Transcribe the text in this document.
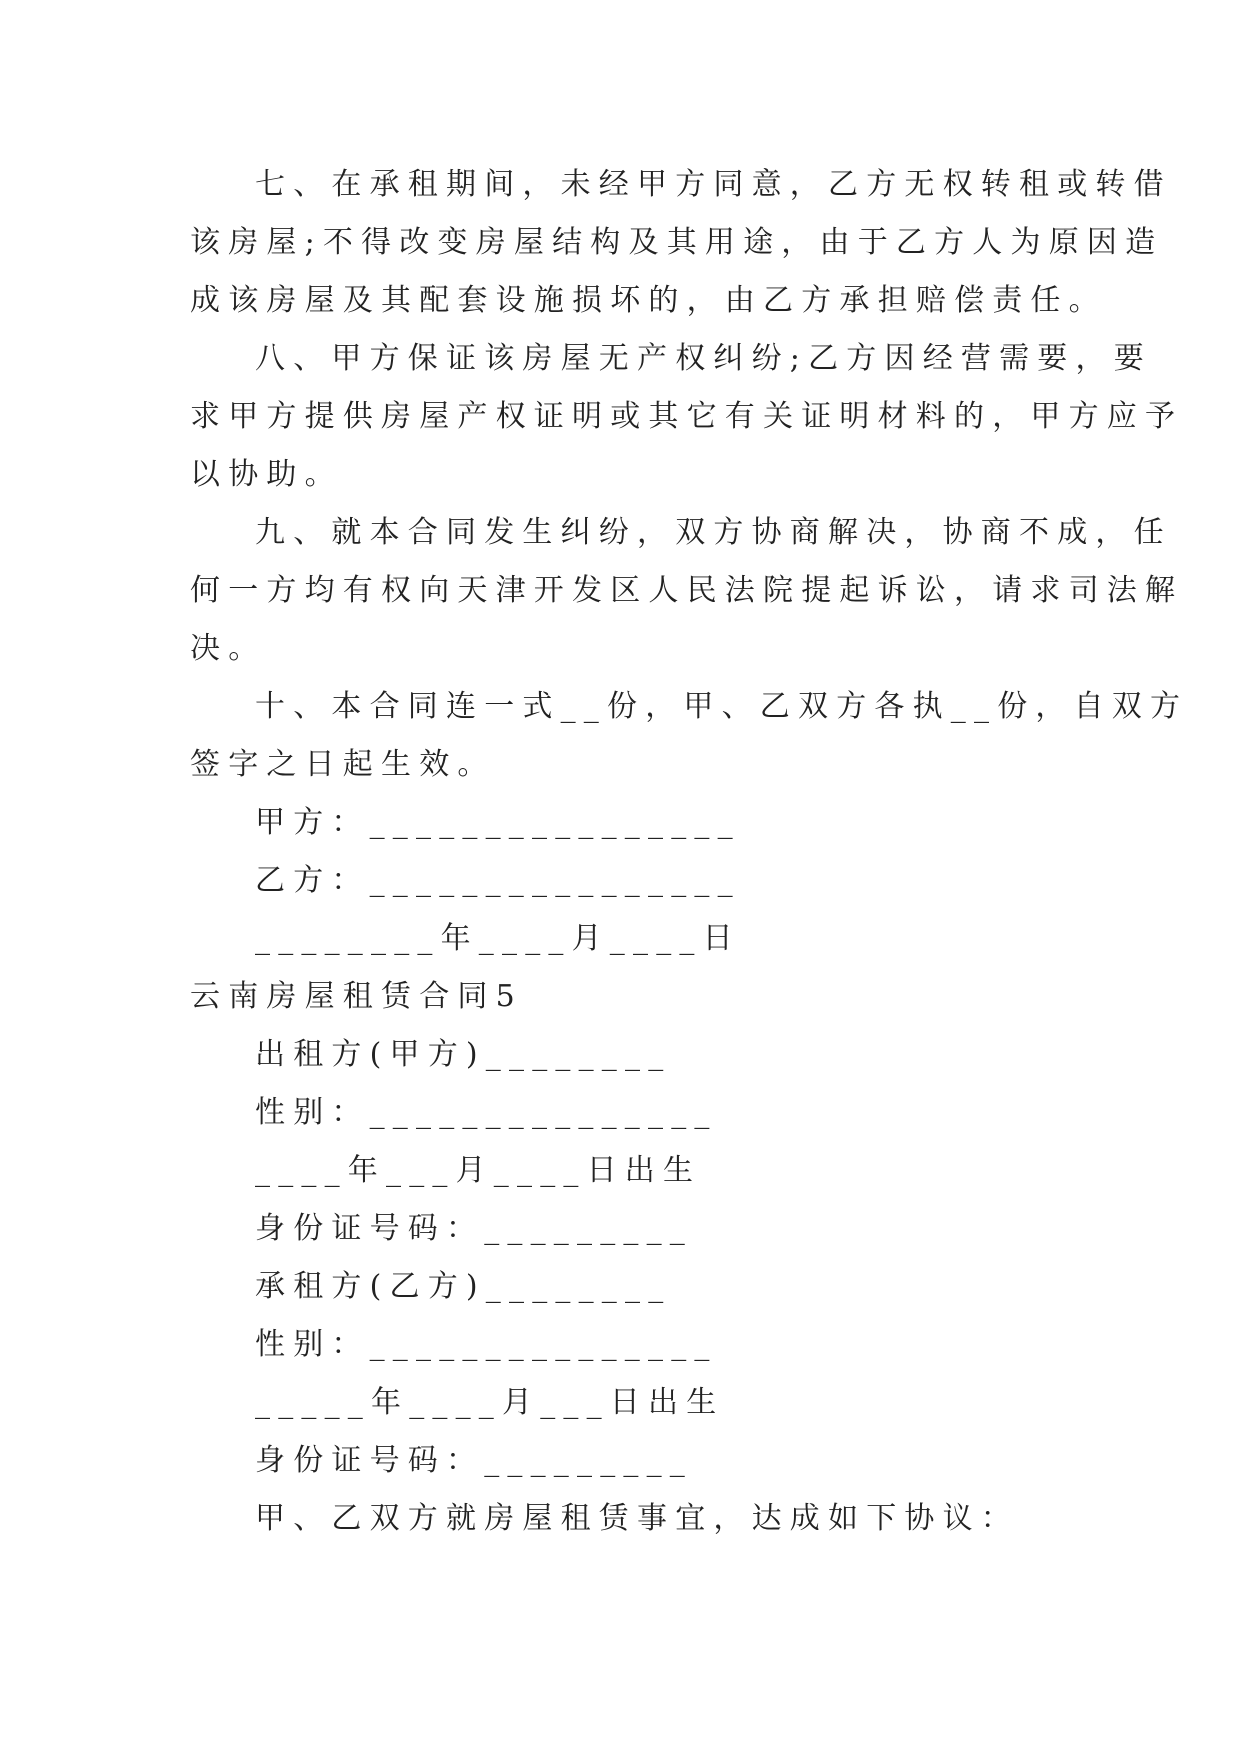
七、在承租期间，未经甲方同意，乙方无权转租或转借
该房屋;不得改变房屋结构及其用途，由于乙方人为原因造
成该房屋及其配套设施损坏的，由乙方承担赔偿责任。
八、甲方保证该房屋无产权纠纷;乙方因经营需要，要
求甲方提供房屋产权证明或其它有关证明材料的，甲方应予
以协助。
九、就本合同发生纠纷，双方协商解决，协商不成，任
何一方均有权向天津开发区人民法院提起诉讼，请求司法解
决。
十、本合同连一式__份，甲、乙双方各执__份，自双方
签字之日起生效。
甲方：________________
乙方：________________
________年____月____日
云南房屋租赁合同5
出租方(甲方)________
性别：_______________
____年___月____日出生
身份证号码：_________
承租方(乙方)________
性别：_______________
_____年____月___日出生
身份证号码：_________
甲、乙双方就房屋租赁事宜，达成如下协议：
